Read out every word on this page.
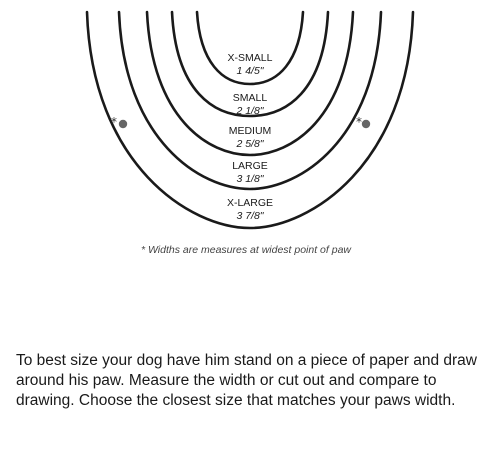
X-SMALL
1 4/5"
SMALL
2 1/8"
MEDIUM
2 5/8"
LARGE
3 1/8"
X-LARGE
3 7/8"
*	*
* Widths are measures at widest point of paw

To best size your dog have him stand on a piece of paper and draw around his paw. Measure the width or cut out and compare to drawing. Choose the closest size that matches your paws width.
